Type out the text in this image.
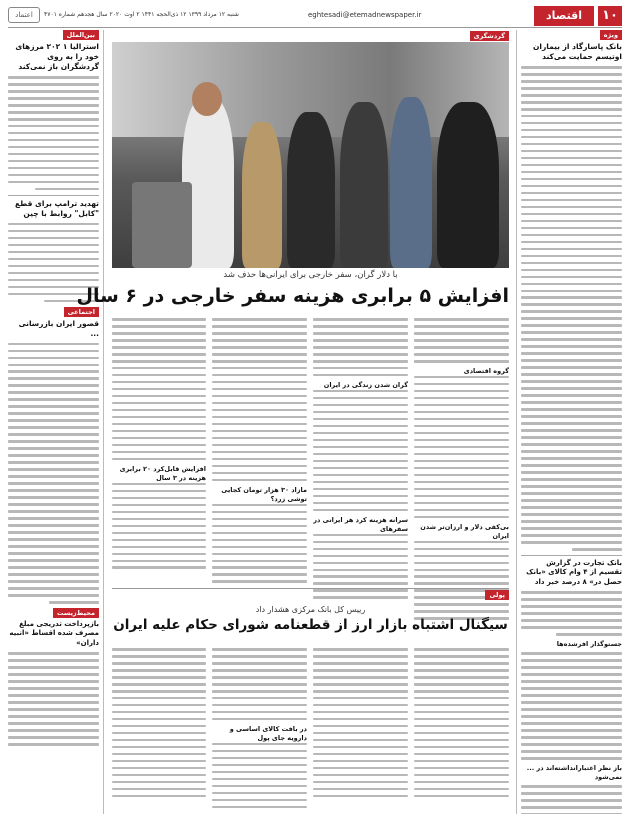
۱۰
اقتصاد
eghtesadi@etemadnewspaper.ir
شنبه ۱۲ مرداد ۱۳۹۹ ۱۲ ذی‌الحجه ۱۴۴۱ ۲ اوت ۲۰۲۰ سال هجدهم شماره ۴۷۰۱
اعتماد
بین‌الملل
استرالیا ۱ ۲۰۲ مرزهای خود را به روی گردشگران باز نمی‌کند
تهدید ترامپ برای قطع "کابل" روابط با چین
اجتماعی
قصور ایران بازرسانی ...
محیط‌زیست
بازپرداخت تدریجی مبلغ مصرف شده اقساط «انبیه داران»
ویژه
بانک پاسارگاد از بیماران اوتیسم حمایت می‌کند
بانک تجارت در گزارش تقسیم از ۴ وام کالای «بانک حصل در» ۸ درصد خبر داد
جستوگذار افرشده‌ها
باز نظر اعتبار‌انداشته‌اند در ... نمی‌شود
گردشگری
با دلار گران، سفر خارجی برای ایرانی‌ها حذف شد
افزایش ۵ برابری هزینه سفر خارجی در ۶ سال
گروه اقتصادی
بی‌کفی دلار و ارزان‌تر شدن ایران
گران شدن زندگی در ایران
سرانه هزینه کرد هر ایرانی در سفرهای
مازاد ۳۰ هزار تومان کجایی توشی زرد؟
افزایش قابل‌کرد ۲۰ برابری هزینه در ۳ سال
پولی
رییس کل بانک مرکزی هشدار داد
سیگنال اشتباه بازار ارز از قطعنامه شورای حکام علیه ایران
در بافت کالای اساسی و دارویه جای پول
